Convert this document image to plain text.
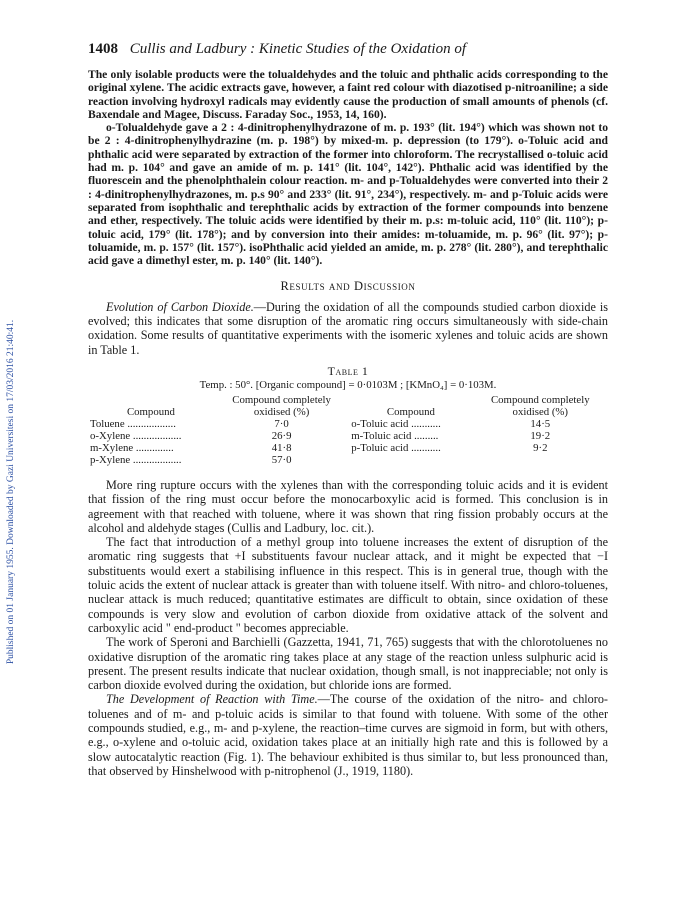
Published on 01 January 1955. Downloaded by Gazi Universitesi on 17/03/2016 21:40:41.
1408 Cullis and Ladbury : Kinetic Studies of the Oxidation of

The only isolable products were the tolualdehydes and the toluic and phthalic acids corresponding to the original xylene. The acidic extracts gave, however, a faint red colour with diazotised p-nitroaniline; a side reaction involving hydroxyl radicals may evidently cause the production of small amounts of phenols (cf. Baxendale and Magee, Discuss. Faraday Soc., 1953, 14, 160).

o-Tolualdehyde gave a 2 : 4-dinitrophenylhydrazone of m. p. 193° (lit. 194°) which was shown not to be 2 : 4-dinitrophenylhydrazine (m. p. 198°) by mixed-m. p. depression (to 179°). o-Toluic acid and phthalic acid were separated by extraction of the former into chloroform. The recrystallised o-toluic acid had m. p. 104° and gave an amide of m. p. 141° (lit. 104°, 142°). Phthalic acid was identified by the fluorescein and the phenolphthalein colour reaction. m- and p-Tolualdehydes were converted into their 2 : 4-dinitrophenylhydrazones, m. p.s 90° and 233° (lit. 91°, 234°), respectively. m- and p-Toluic acids were separated from isophthalic and terephthalic acids by extraction of the former compounds into benzene and ether, respectively. The toluic acids were identified by their m. p.s: m-toluic acid, 110° (lit. 110°); p-toluic acid, 179° (lit. 178°); and by conversion into their amides: m-toluamide, m. p. 96° (lit. 97°); p-toluamide, m. p. 157° (lit. 157°). isoPhthalic acid yielded an amide, m. p. 278° (lit. 280°), and terephthalic acid gave a dimethyl ester, m. p. 140° (lit. 140°).

Results and Discussion

Evolution of Carbon Dioxide.—During the oxidation of all the compounds studied carbon dioxide is evolved; this indicates that some disruption of the aromatic ring occurs simultaneously with side-chain oxidation. Some results of quantitative experiments with the isomeric xylenes and toluic acids are shown in Table 1.

Table 1
Temp. : 50°. [Organic compound] = 0·0103M ; [KMnO₄] = 0·103M.
	Compound completely		Compound completely
Compound	oxidised (%)	Compound	oxidised (%)
Toluene ..................	7·0	o-Toluic acid ...........	14·5
o-Xylene ..................	26·9	m-Toluic acid .........	19·2
m-Xylene ..............	41·8	p-Toluic acid ...........	9·2
p-Xylene ..................	57·0		

More ring rupture occurs with the xylenes than with the corresponding toluic acids and it is evident that fission of the ring must occur before the monocarboxylic acid is formed. This conclusion is in agreement with that reached with toluene, where it was shown that ring fission probably occurs at the alcohol and aldehyde stages (Cullis and Ladbury, loc. cit.).

The fact that introduction of a methyl group into toluene increases the extent of disruption of the aromatic ring suggests that +I substituents favour nuclear attack, and it might be expected that −I substituents would exert a stabilising influence in this respect. This is in general true, though with the toluic acids the extent of nuclear attack is greater than with toluene itself. With nitro- and chloro-toluenes, nuclear attack is much reduced; quantitative estimates are difficult to obtain, since oxidation of these compounds is very slow and evolution of carbon dioxide from oxidative attack of the solvent and carboxylic acid " end-product " becomes appreciable.

The work of Speroni and Barchielli (Gazzetta, 1941, 71, 765) suggests that with the chlorotoluenes no oxidative disruption of the aromatic ring takes place at any stage of the reaction unless sulphuric acid is present. The present results indicate that nuclear oxidation, though small, is not inappreciable; not only is carbon dioxide evolved during the oxidation, but chloride ions are formed.

The Development of Reaction with Time.—The course of the oxidation of the nitro- and chloro-toluenes and of m- and p-toluic acids is similar to that found with toluene. With some of the other compounds studied, e.g., m- and p-xylene, the reaction–time curves are sigmoid in form, but with others, e.g., o-xylene and o-toluic acid, oxidation takes place at an initially high rate and this is followed by a slow autocatalytic reaction (Fig. 1). The behaviour exhibited is thus similar to, but less pronounced than, that observed by Hinshelwood with p-nitrophenol (J., 1919, 1180).
